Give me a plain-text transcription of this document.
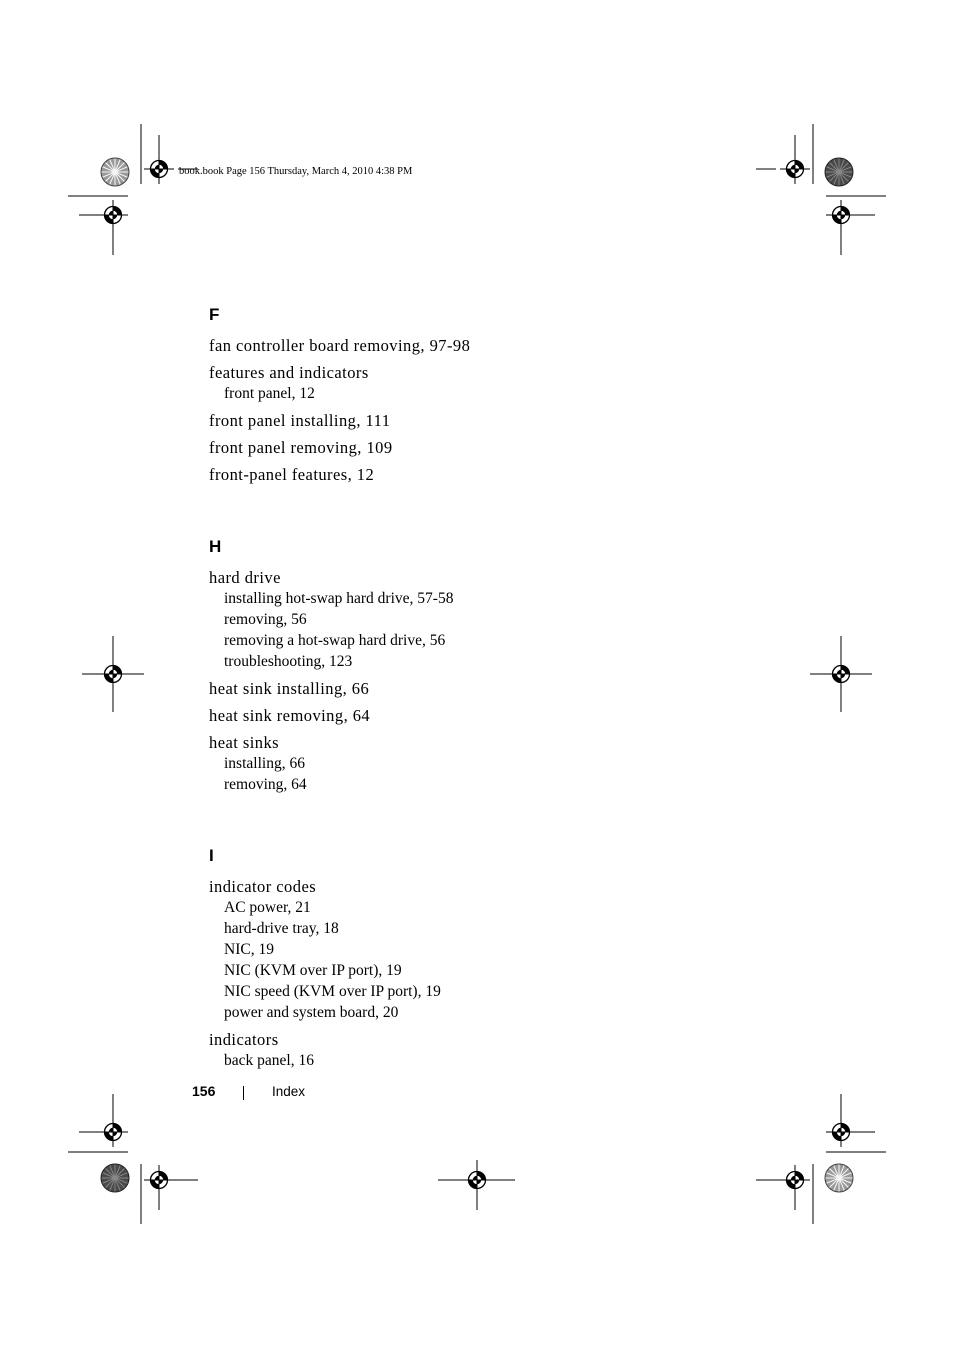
book.book Page 156 Thursday, March 4, 2010 4:38 PM
F
fan controller board removing, 97-98
features and indicators
front panel, 12
front panel installing, 111
front panel removing, 109
front-panel features, 12
H
hard drive
installing hot-swap hard drive, 57-58
removing, 56
removing a hot-swap hard drive, 56
troubleshooting, 123
heat sink installing, 66
heat sink removing, 64
heat sinks
installing, 66
removing, 64
I
indicator codes
AC power, 21
hard-drive tray, 18
NIC, 19
NIC (KVM over IP port), 19
NIC speed (KVM over IP port), 19
power and system board, 20
indicators
back panel, 16
156	Index
